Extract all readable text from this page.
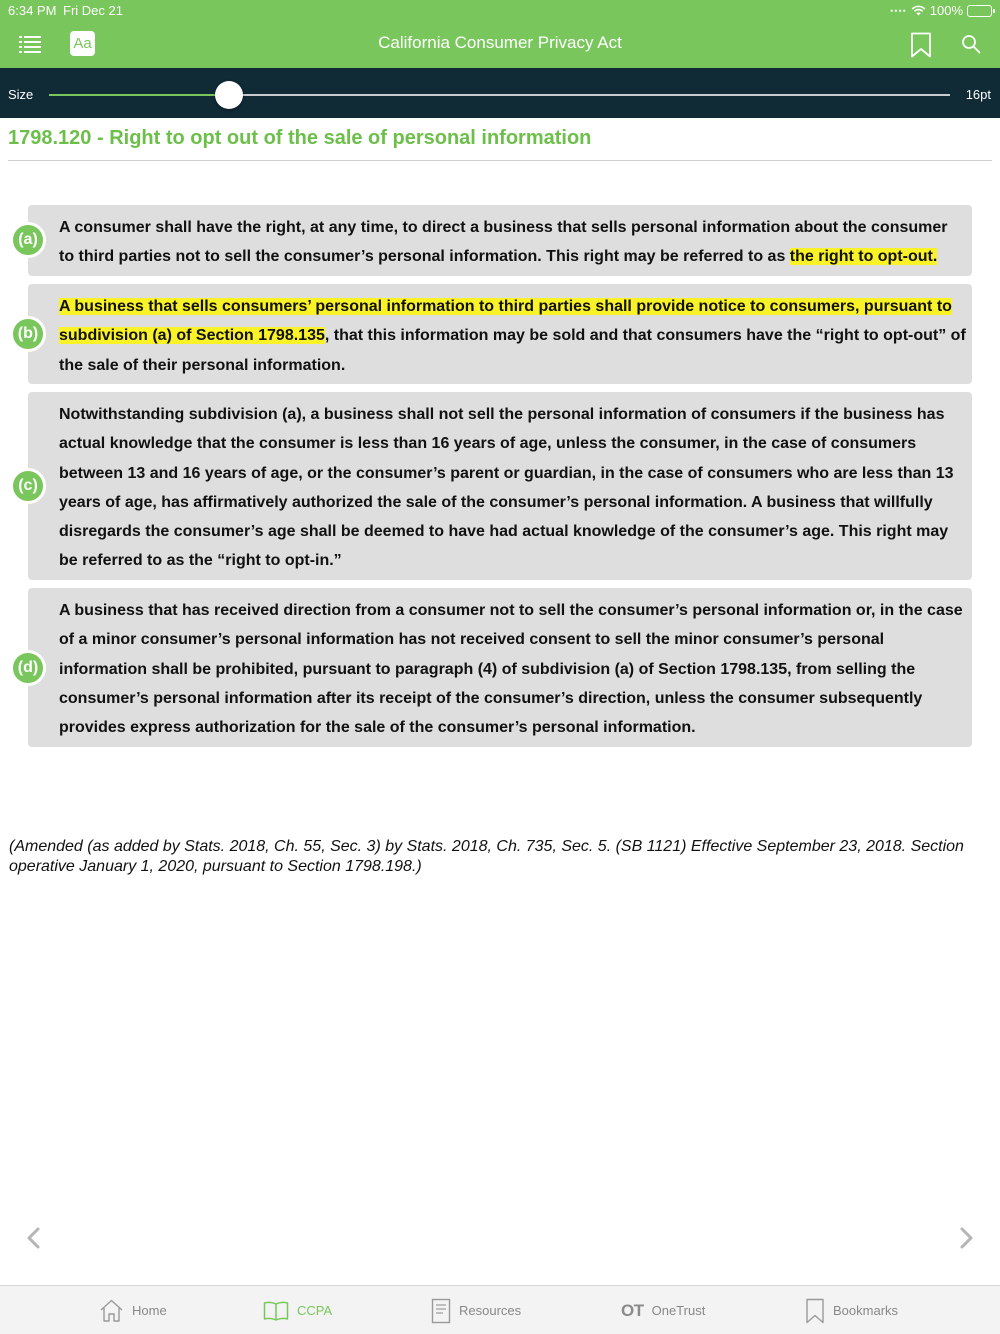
6:34 PM Fri Dec 21	•••• 100%
Aa	California Consumer Privacy Act
Size	16pt
1798.120 - Right to opt out of the sale of personal information
(a)

A consumer shall have the right, at any time, to direct a business that sells personal information about the consumer to third parties not to sell the consumer’s personal information. This right may be referred to as the right to opt-out.

(b)

A business that sells consumers’ personal information to third parties shall provide notice to consumers, pursuant to subdivision (a) of Section 1798.135, that this information may be sold and that consumers have the “right to opt-out” of the sale of their personal information.

(c)

Notwithstanding subdivision (a), a business shall not sell the personal information of consumers if the business has actual knowledge that the consumer is less than 16 years of age, unless the consumer, in the case of consumers between 13 and 16 years of age, or the consumer’s parent or guardian, in the case of consumers who are less than 13 years of age, has affirmatively authorized the sale of the consumer’s personal information. A business that willfully disregards the consumer’s age shall be deemed to have had actual knowledge of the consumer’s age. This right may be referred to as the “right to opt-in.”

(d)

A business that has received direction from a consumer not to sell the consumer’s personal information or, in the case of a minor consumer’s personal information has not received consent to sell the minor consumer’s personal information shall be prohibited, pursuant to paragraph (4) of subdivision (a) of Section 1798.135, from selling the consumer’s personal information after its receipt of the consumer’s direction, unless the consumer subsequently provides express authorization for the sale of the consumer’s personal information.

(Amended (as added by Stats. 2018, Ch. 55, Sec. 3) by Stats. 2018, Ch. 735, Sec. 5. (SB 1121) Effective September 23, 2018. Section operative January 1, 2020, pursuant to Section 1798.198.)
Home	CCPA	Resources	OT OneTrust	Bookmarks
